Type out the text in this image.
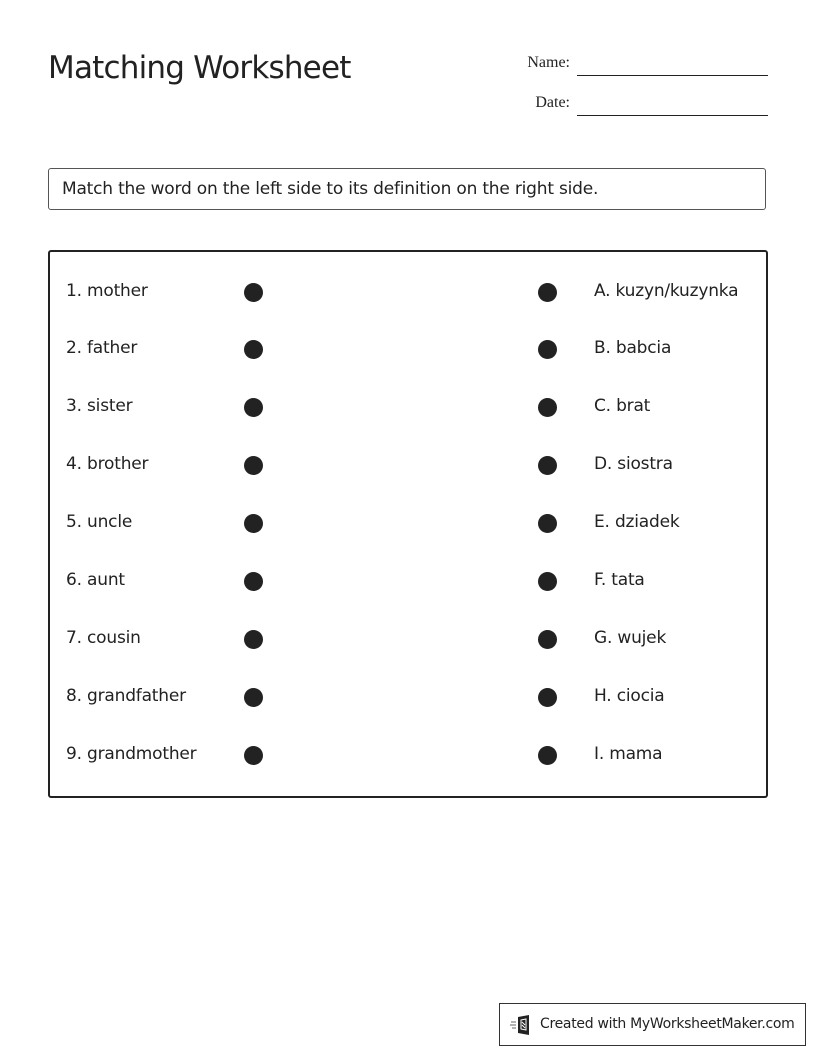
Matching Worksheet	Name:
Date:
Match the word on the left side to its definition on the right side.
1. mother	A. kuzyn/kuzynka
2. father	B. babcia
3. sister	C. brat
4. brother	D. siostra
5. uncle	E. dziadek
6. aunt	F. tata
7. cousin	G. wujek
8. grandfather	H. ciocia
9. grandmother	I. mama
Created with MyWorksheetMaker.com
